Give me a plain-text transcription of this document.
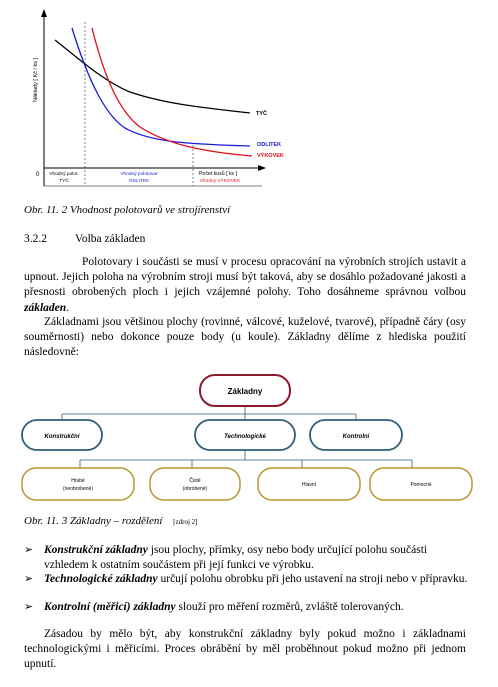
Náklady [ Kč / ks ]
0
TYČ
ODLITEK
VÝKOVEK
Vhodný polot.
TYČ
Vhodný polotovar
ODLITEK
Počet kusů [ ks ]
Vhodný VÝKOVEK
Obr. 11. 2 Vhodnost polotovarů ve strojírenství
3.2.2 Volba základen
Polotovary i součásti se musí v procesu opracování na výrobních strojích ustavit a upnout. Jejich poloha na výrobním stroji musí být taková, aby se dosáhlo požadované jakosti a přesnosti obrobených ploch i jejich vzájemné polohy. Toho dosáhneme správnou volbou základen.
Základnami jsou většinou plochy (rovinné, válcové, kuželové, tvarové), případně čáry (osy souměrnosti) nebo dokonce pouze body (u koule). Základny dělíme z hlediska použití následovně:
Základny
Konstrukční	Technologické	Kontrolní
Hrubé
(neobrobené)
Čisté
(obrobené)
Hlavní	Pomocné
Obr. 11. 3 Základny – rozdělení [zdroj 2]
➢ Konstrukční základny jsou plochy, přímky, osy nebo body určující polohu součásti vzhledem k ostatním součástem při její funkci ve výrobku.
➢ Technologické základny určují polohu obrobku při jeho ustavení na stroji nebo v přípravku.
➢ Kontrolní (měřicí) základny slouží pro měření rozměrů, zvláště tolerovaných.
Zásadou by mělo být, aby konstrukční základny byly pokud možno i základnami technologickými i měřicími. Proces obrábění by měl proběhnout pokud možno při jednom upnutí.
